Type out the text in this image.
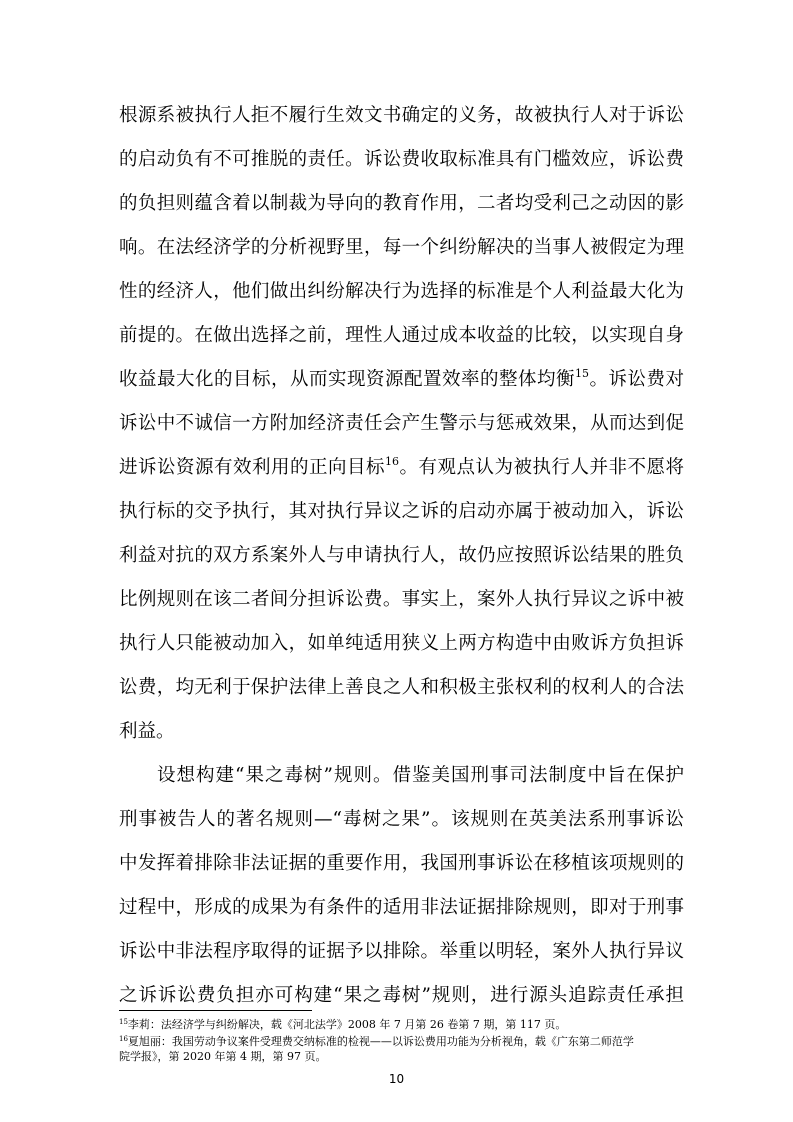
根源系被执行人拒不履行生效文书确定的义务，故被执行人对于诉讼
的启动负有不可推脱的责任。诉讼费收取标准具有门槛效应，诉讼费
的负担则蕴含着以制裁为导向的教育作用，二者均受利己之动因的影
响。在法经济学的分析视野里，每一个纠纷解决的当事人被假定为理
性的经济人，他们做出纠纷解决行为选择的标准是个人利益最大化为
前提的。在做出选择之前，理性人通过成本收益的比较，以实现自身
收益最大化的目标，从而实现资源配置效率的整体均衡$^{15}$。诉讼费对
诉讼中不诚信一方附加经济责任会产生警示与惩戒效果，从而达到促
进诉讼资源有效利用的正向目标$^{16}$。有观点认为被执行人并非不愿将
执行标的交予执行，其对执行异议之诉的启动亦属于被动加入，诉讼
利益对抗的双方系案外人与申请执行人，故仍应按照诉讼结果的胜负
比例规则在该二者间分担诉讼费。事实上，案外人执行异议之诉中被
执行人只能被动加入，如单纯适用狭义上两方构造中由败诉方负担诉
讼费，均无利于保护法律上善良之人和积极主张权利的权利人的合法
利益。
设想构建“果之毒树”规则。借鉴美国刑事司法制度中旨在保护
刑事被告人的著名规则—“毒树之果”。该规则在英美法系刑事诉讼
中发挥着排除非法证据的重要作用，我国刑事诉讼在移植该项规则的
过程中，形成的成果为有条件的适用非法证据排除规则，即对于刑事
诉讼中非法程序取得的证据予以排除。举重以明轻，案外人执行异议
之诉诉讼费负担亦可构建“果之毒树”规则，进行源头追踪责任承担
$^{15}$李莉：法经济学与纠纷解决，载《河北法学》2008 年 7 月第 26 卷第 7 期，第 117 页。
$^{16}$夏旭丽：我国劳动争议案件受理费交纳标准的检视——以诉讼费用功能为分析视角，载《广东第二师范学
院学报》，第 2020 年第 4 期，第 97 页。
10
